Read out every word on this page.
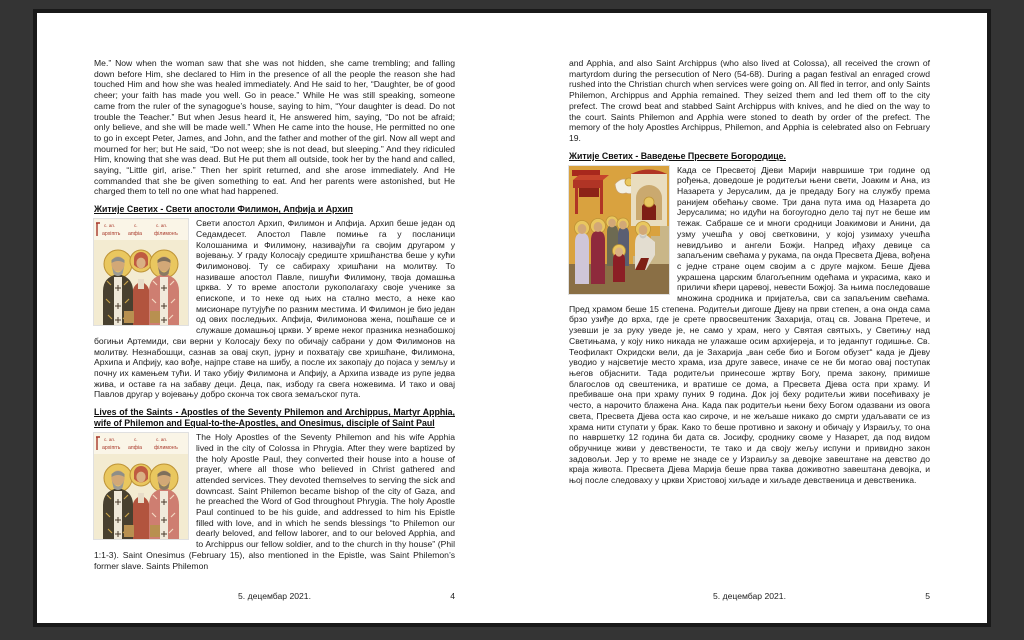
Me.” Now when the woman saw that she was not hidden, she came trembling; and falling down before Him, she declared to Him in the presence of all the people the reason she had touched Him and how she was healed immediately. And He said to her, “Daughter, be of good cheer; your faith has made you well. Go in peace.” While He was still speaking, someone came from the ruler of the synagogue’s house, saying to him, “Your daughter is dead. Do not trouble the Teacher.” But when Jesus heard it, He answered him, saying, “Do not be afraid; only believe, and she will be made well.” When He came into the house, He permitted no one to go in except Peter, James, and John, and the father and mother of the girl. Now all wept and mourned for her; but He said, “Do not weep; she is not dead, but sleeping.” And they ridiculed Him, knowing that she was dead. But He put them all outside, took her by the hand and called, saying, “Little girl, arise.” Then her spirit returned, and she arose immediately. And He commanded that she be given something to eat. And her parents were astonished, but He charged them to tell no one what had happened.

Житије Светих - Свети апостоли Филимон, Апфија и Архип
Свети апостол Архип, Филимон и Апфија. Архип беше један од Седамдесет. Апостол Павле помиње га у посланици Колошанима и Филимону, називајући га својим другаром у војевању. У граду Колосају средиште хришћанства беше у кући Филимоновој. Ту се сабираху хришћани на молитву. То називаше апостол Павле, пишући Филимону, твоја домашња црква. У то време апостоли рукополагаху своје ученике за епископе, и то неке од њих на стално место, а неке као мисионаре путујуће по разним местима. И Филимон је био један од ових последњих. Апфија, Филимонова жена, пошћаше се и служаше домашњој цркви. У време неког празника незнабошкој богињи Артемиди, сви верни у Колосају беху по обичају сабрани у дом Филимонов на молитву. Незнабошци, сазнав за овај скуп, јурну и похватају све хришћане, Филимона, Архипа и Апфију, као вође, најпре ставе на шибу, а после их закопају до појаса у земљу и почну их камењем тући. И тако убију Филимона и Апфију, а Архипа изваде из рупе једва жива, и оставе га на забаву деци. Деца, пак, избоду га свега ножевима. И тако и овај Павлов другар у војевању добро сконча ток свога земаљског пута.
Lives of the Saints - Apostles of the Seventy Philemon and Archippus, Martyr Apphia, wife of Philemon and Equal-to-the-Apostles, and Onesimus, disciple of Saint Paul
The Holy Apostles of the Seventy Philemon and his wife Apphia lived in the city of Colossa in Phrygia. After they were baptized by the holy Apostle Paul, they converted their house into a house of prayer, where all those who believed in Christ gathered and attended services. They devoted themselves to serving the sick and downcast. Saint Philemon became bishop of the city of Gaza, and he preached the Word of God throughout Phrygia. The holy Apostle Paul continued to be his guide, and addressed to him his Epistle filled with love, and in which he sends blessings “to Philemon our dearly beloved, and fellow laborer, and to our beloved Apphia, and to Archippus our fellow soldier, and to the church in thy house” (Phil 1:1-3). Saint Onesimus (February 15), also mentioned in the Epistle, was Saint Philemon’s former slave. Saints Philemon
5. децембар 2021.	4

and Apphia, and also Saint Archippus (who also lived at Colossa), all received the crown of martyrdom during the persecution of Nero (54-68). During a pagan festival an enraged crowd rushed into the Christian church when services were going on. All fled in terror, and only Saints Philemon, Archippus and Apphia remained. They seized them and led them off to the city prefect. The crowd beat and stabbed Saint Archippus with knives, and he died on the way to the court. Saints Philemon and Apphia were stoned to death by order of the prefect. The memory of the holy Apostles Archippus, Philemon, and Apphia is celebrated also on February 19.

Житије Светих - Ваведење Пресвете Богородице.
Када се Пресветој Дјеви Марији навршише три године од рођења, доведоше је родитељи њени свети, Јоаким и Ана, из Назарета у Јерусалим, да је предаду Богу на службу према ранијем обећању своме. Три дана пута има од Назарета до Јерусалима; но идући на богоугодно дело тај пут не беше им тежак. Сабраше се и многи сродници Јоакимови и Анини, да узму учешћа у овој светковини, у којој узимаху учешћа невидљиво и ангели Божји. Напред иђаху девице са запаљеним свећама у рукама, па онда Пресвета Дјева, вођена с једне стране оцем својим а с друге мајком. Беше Дјева украшена царским благољепним одећама и украсима, како и приличи кћери царевој, невести Божјој. За њима последоваше множина сродника и пријатеља, сви са запаљеним свећама. Пред храмом беше 15 степена. Родитељи дигоше Дјеву на први степен, а она онда сама брзо узиђе до врха, где је срете првосвештеник Захарија, отац св. Јована Претече, и узевши је за руку уведе је, не само у храм, него у Святая святыхъ, у Светињу над Светињама, у коју нико никада не улажаше осим архијереја, и то једанпут годишње. Св. Теофилакт Охридски вели, да је Захарија „ван себе био и Богом обузет“ када је Дјеву уводио у најсветије место храма, иза друге завесе, иначе се не би могао овај поступак његов објаснити. Тада родитељи принесоше жртву Богу, према закону, примише благослов од свештеника, и вратише се дома, а Пресвета Дјева оста при храму. И пребиваше она при храму пуних 9 година. Док јој беху родитељи живи посећиваху је често, а нарочито блажена Ана. Када пак родитељи њени беху Богом одазвани из овога света, Пресвета Дјева оста као сироче, и не жељаше никако до смрти удаљавати се из храма нити ступати у брак. Како то беше противно и закону и обичају у Израиљу, то она по навршетку 12 година би дата св. Јосифу, сроднику своме у Назарет, да под видом обручнице живи у девствености, те тако и да своју жељу испуни и привидно закон задовољи. Јер у то време не знаде се у Израиљу за девојке завештане на девство до краја живота. Пресвета Дјева Марија беше прва таква доживотно завештана девојка, и њој после следоваху у цркви Христовој хиљаде и хиљаде девственица и девственика.
5. децембар 2021.	5
